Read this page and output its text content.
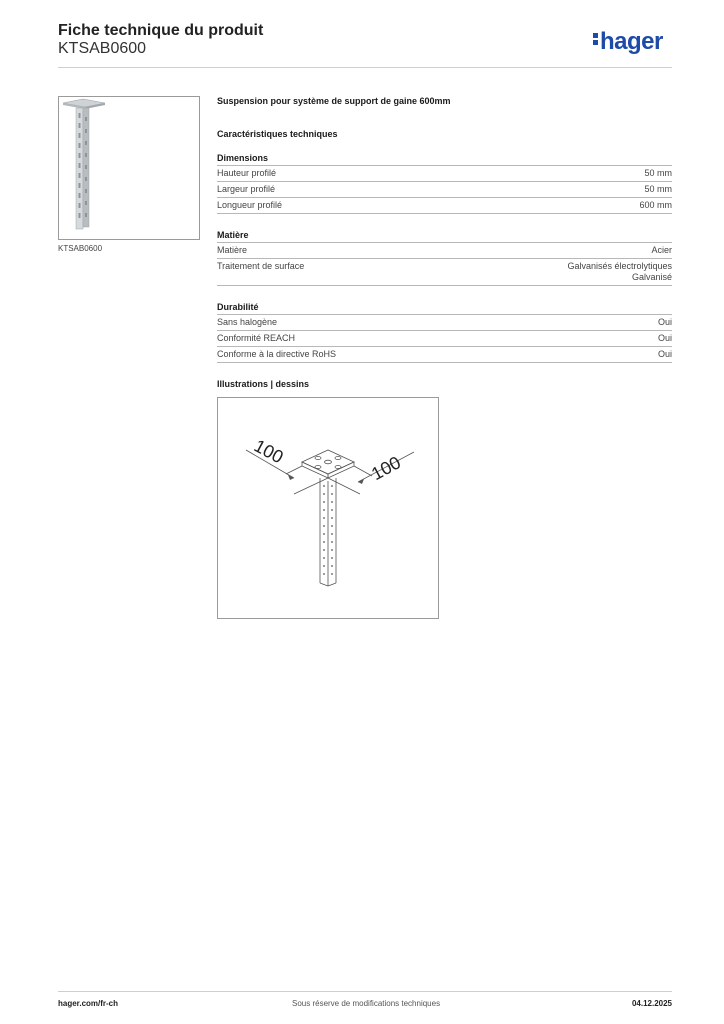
Fiche technique du produit
KTSAB0600	hager
KTSAB0600
Suspension pour système de support de gaine 600mm
Caractéristiques techniques
Dimensions
Hauteur profilé	50 mm
Largeur profilé	50 mm
Longueur profilé	600 mm
Matière
Matière	Acier
Traitement de surface	Galvanisés électrolytiques
Galvanisé
Durabilité
Sans halogène	Oui
Conformité REACH	Oui
Conforme à la directive RoHS	Oui
Illustrations | dessins
100
100
hager.com/fr-ch	Sous réserve de modifications techniques	04.12.2025
